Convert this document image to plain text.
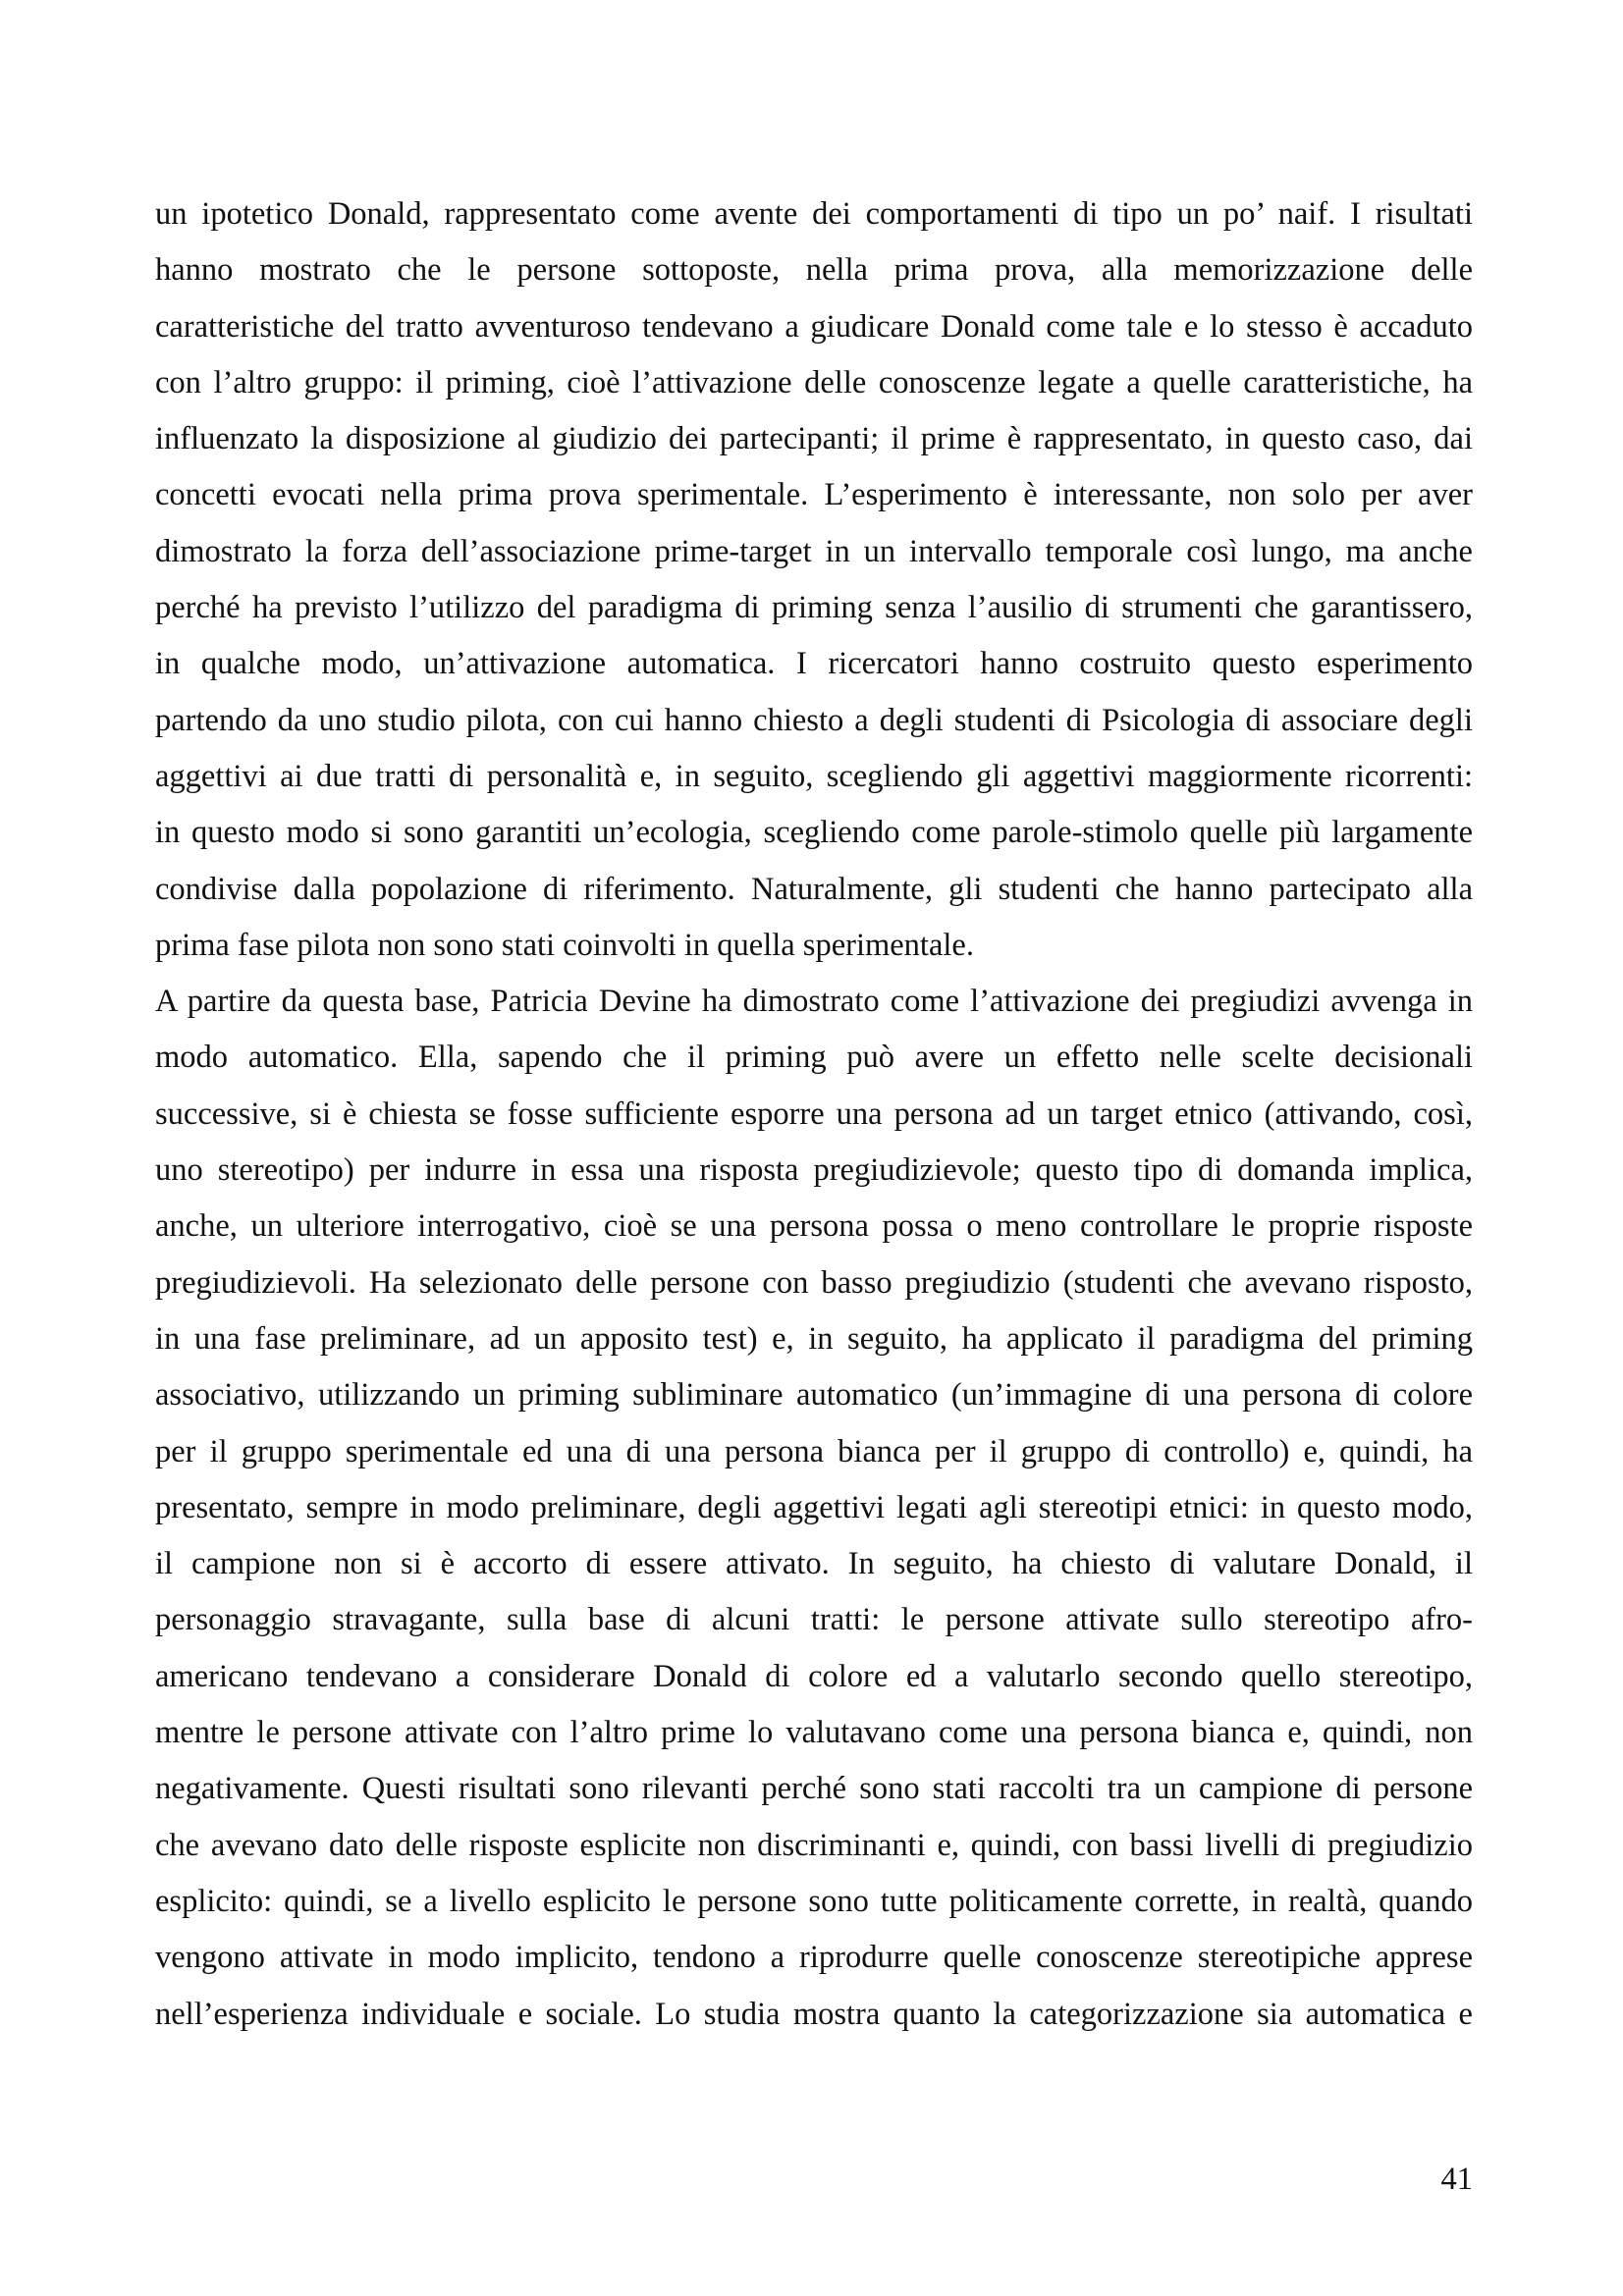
un ipotetico Donald, rappresentato come avente dei comportamenti di tipo un po’ naif. I risultati
hanno mostrato che le persone sottoposte, nella prima prova, alla memorizzazione delle
caratteristiche del tratto avventuroso tendevano a giudicare Donald come tale e lo stesso è accaduto
con l’altro gruppo: il priming, cioè l’attivazione delle conoscenze legate a quelle caratteristiche, ha
influenzato la disposizione al giudizio dei partecipanti; il prime è rappresentato, in questo caso, dai
concetti evocati nella prima prova sperimentale. L’esperimento è interessante, non solo per aver
dimostrato la forza dell’associazione prime-target in un intervallo temporale così lungo, ma anche
perché ha previsto l’utilizzo del paradigma di priming senza l’ausilio di strumenti che garantissero,
in qualche modo, un’attivazione automatica. I ricercatori hanno costruito questo esperimento
partendo da uno studio pilota, con cui hanno chiesto a degli studenti di Psicologia di associare degli
aggettivi ai due tratti di personalità e, in seguito, scegliendo gli aggettivi maggiormente ricorrenti:
in questo modo si sono garantiti un’ecologia, scegliendo come parole-stimolo quelle più largamente
condivise dalla popolazione di riferimento. Naturalmente, gli studenti che hanno partecipato alla
prima fase pilota non sono stati coinvolti in quella sperimentale.

A partire da questa base, Patricia Devine ha dimostrato come l’attivazione dei pregiudizi avvenga in
modo automatico. Ella, sapendo che il priming può avere un effetto nelle scelte decisionali
successive, si è chiesta se fosse sufficiente esporre una persona ad un target etnico (attivando, così,
uno stereotipo) per indurre in essa una risposta pregiudizievole; questo tipo di domanda implica,
anche, un ulteriore interrogativo, cioè se una persona possa o meno controllare le proprie risposte
pregiudizievoli. Ha selezionato delle persone con basso pregiudizio (studenti che avevano risposto,
in una fase preliminare, ad un apposito test) e, in seguito, ha applicato il paradigma del priming
associativo, utilizzando un priming subliminare automatico (un’immagine di una persona di colore
per il gruppo sperimentale ed una di una persona bianca per il gruppo di controllo) e, quindi, ha
presentato, sempre in modo preliminare, degli aggettivi legati agli stereotipi etnici: in questo modo,
il campione non si è accorto di essere attivato. In seguito, ha chiesto di valutare Donald, il
personaggio stravagante, sulla base di alcuni tratti: le persone attivate sullo stereotipo afro-
americano tendevano a considerare Donald di colore ed a valutarlo secondo quello stereotipo,
mentre le persone attivate con l’altro prime lo valutavano come una persona bianca e, quindi, non
negativamente. Questi risultati sono rilevanti perché sono stati raccolti tra un campione di persone
che avevano dato delle risposte esplicite non discriminanti e, quindi, con bassi livelli di pregiudizio
esplicito: quindi, se a livello esplicito le persone sono tutte politicamente corrette, in realtà, quando
vengono attivate in modo implicito, tendono a riprodurre quelle conoscenze stereotipiche apprese
nell’esperienza individuale e sociale. Lo studia mostra quanto la categorizzazione sia automatica e

41
